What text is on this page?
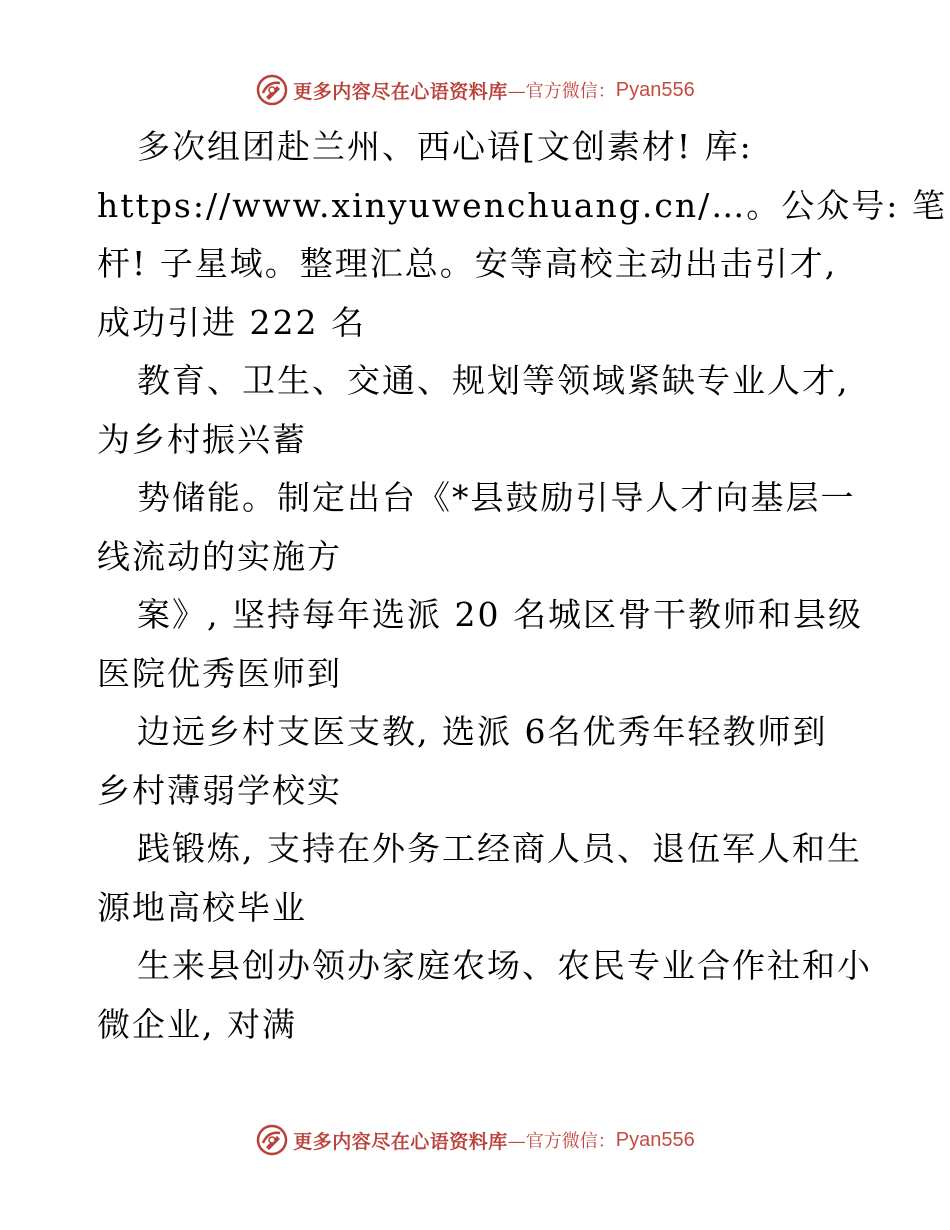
更多内容尽在心语资料库 —官方微信： Pyan556
多次组团赴兰州、西心语[文创素材! 库:
https://www.xinyuwenchuang.cn/…。公众号: 笔
杆! 子星域。整理汇总。安等高校主动出击引才,
成功引进 222 名
教育、卫生、交通、规划等领域紧缺专业人才,
为乡村振兴蓄
势储能。制定出台《*县鼓励引导人才向基层一
线流动的实施方
案》, 坚持每年选派 20 名城区骨干教师和县级
医院优秀医师到
边远乡村支医支教, 选派 6名优秀年轻教师到
乡村薄弱学校实
践锻炼, 支持在外务工经商人员、退伍军人和生
源地高校毕业
生来县创办领办家庭农场、农民专业合作社和小
微企业, 对满
更多内容尽在心语资料库 —官方微信： Pyan556
